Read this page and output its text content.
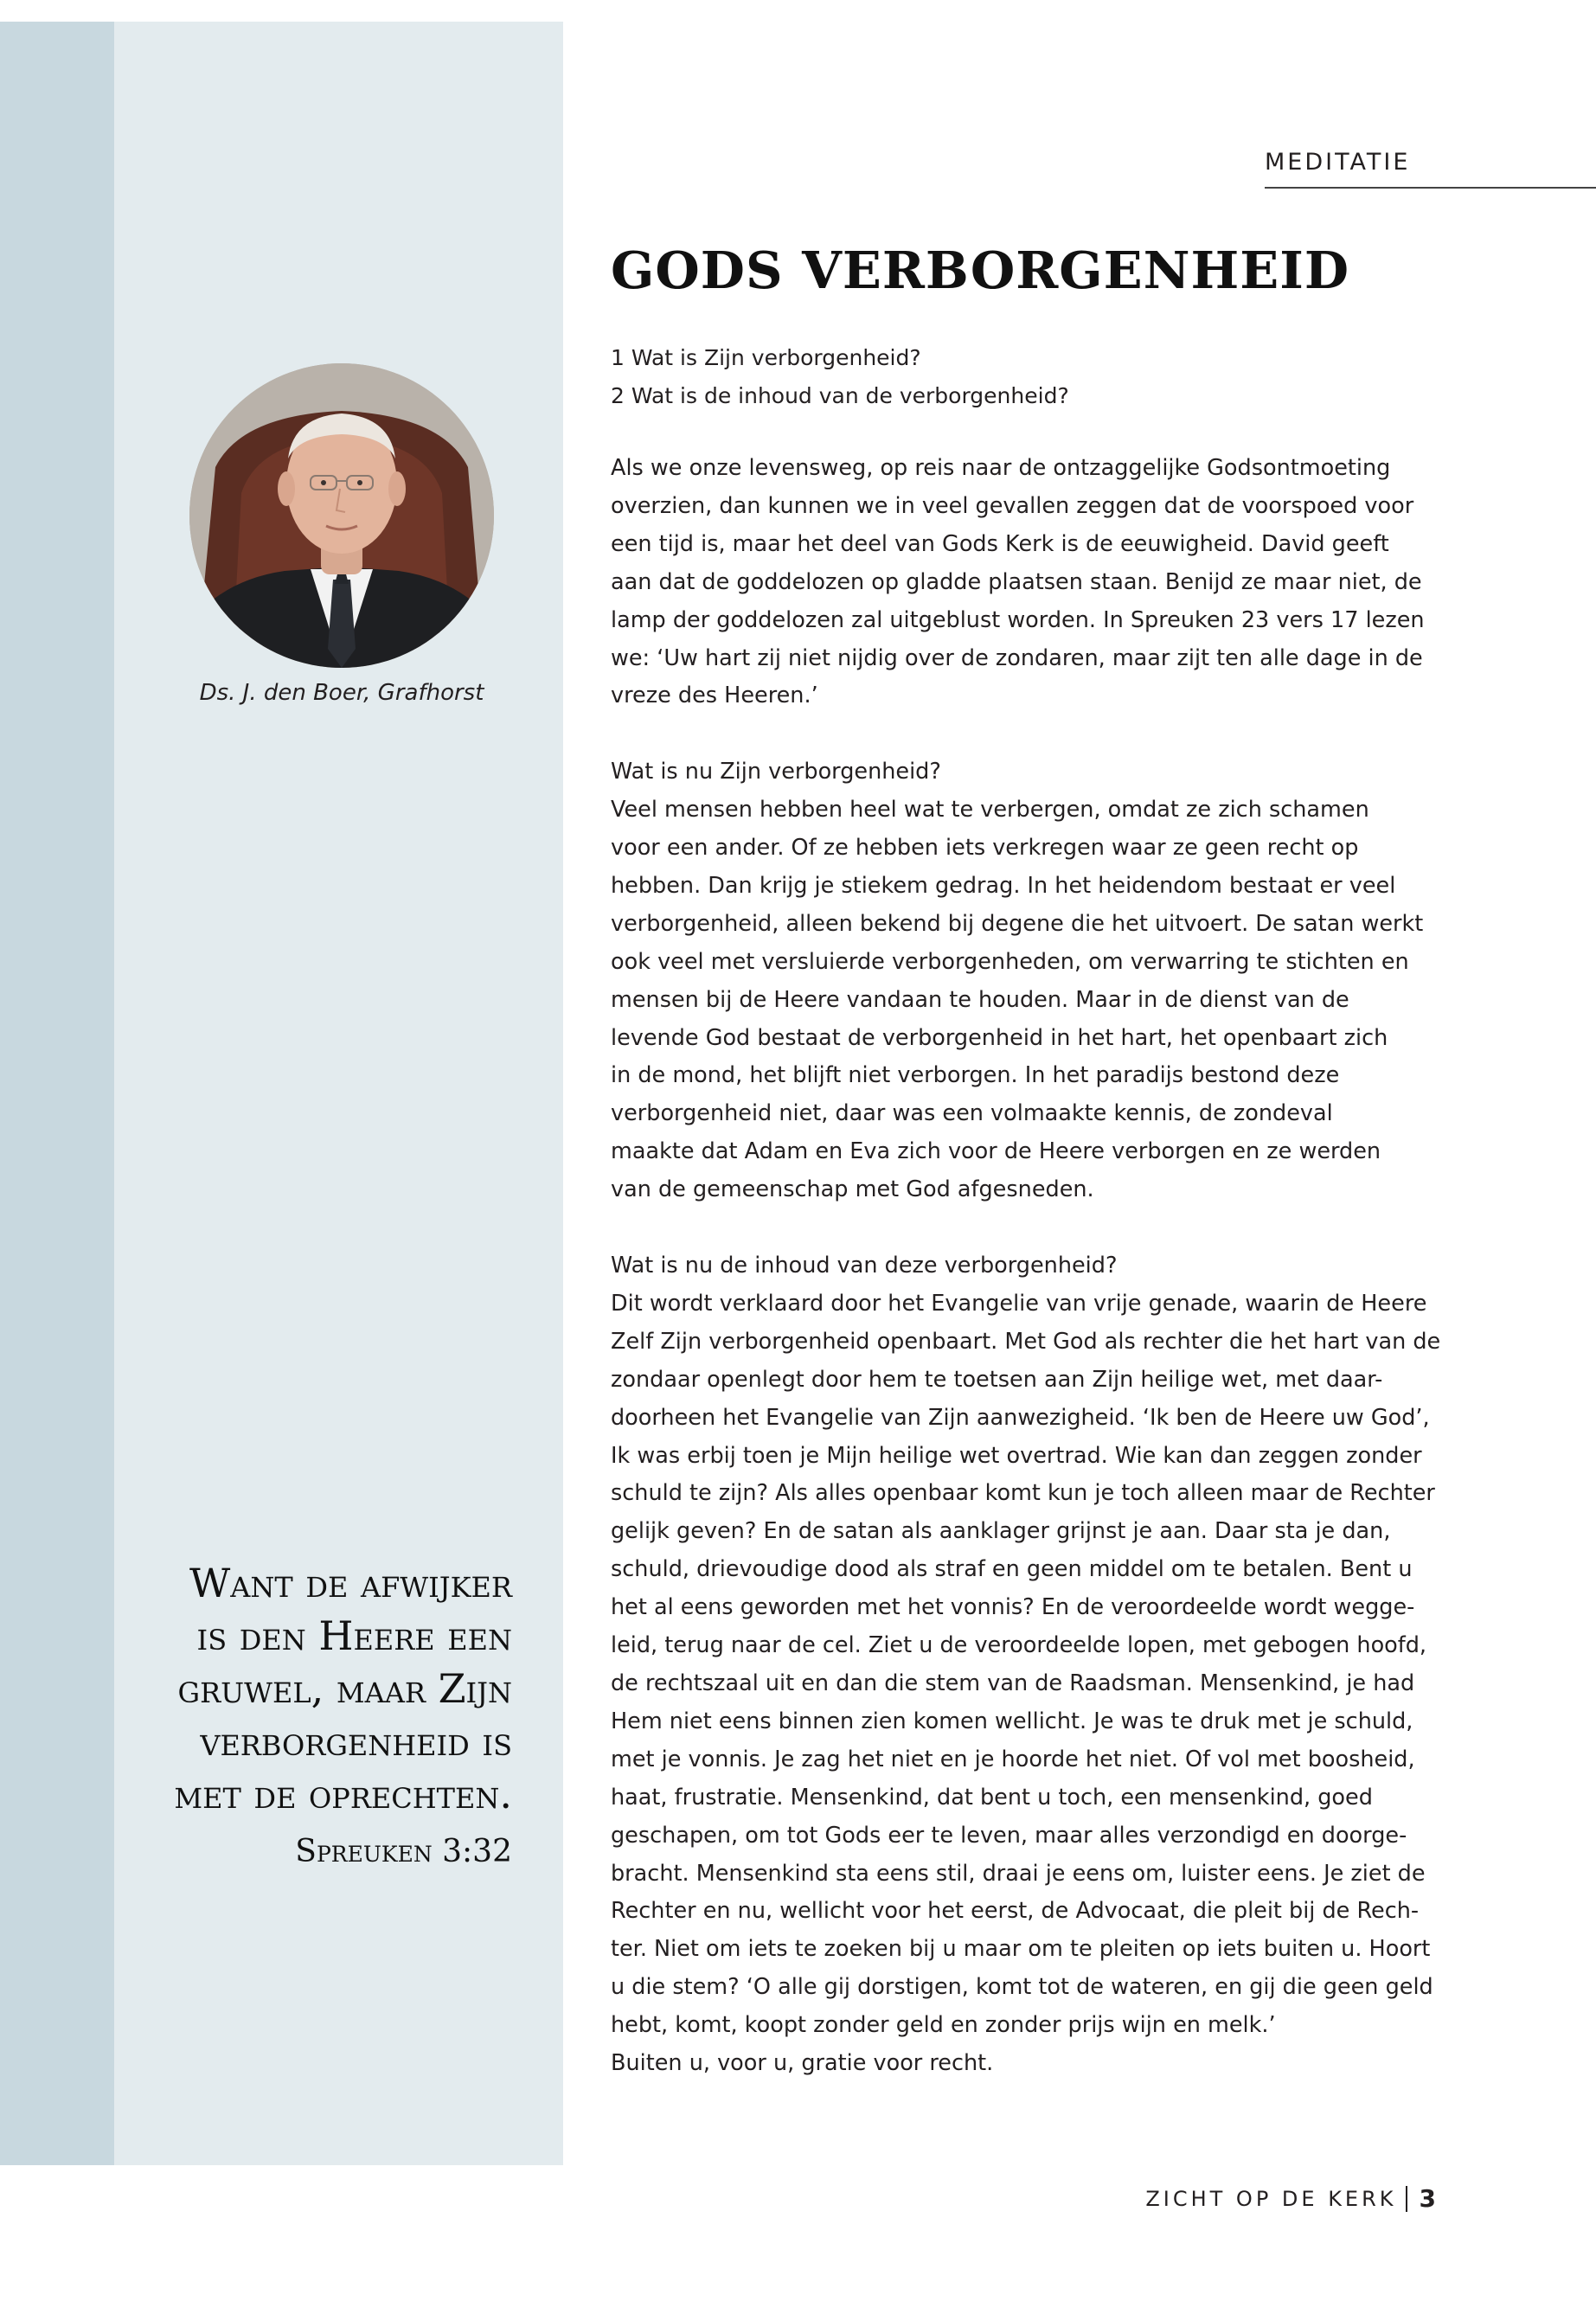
MEDITATIE
GODS VERBORGENHEID
1 Wat is Zijn verborgenheid?
2 Wat is de inhoud van de verborgenheid?
Ds. J. den Boer, Grafhorst
Als we onze levensweg, op reis naar de ontzaggelijke Godsontmoeting
overzien, dan kunnen we in veel gevallen zeggen dat de voorspoed voor
een tijd is, maar het deel van Gods Kerk is de eeuwigheid. David geeft
aan dat de goddelozen op gladde plaatsen staan. Benijd ze maar niet, de
lamp der goddelozen zal uitgeblust worden. In Spreuken 23 vers 17 lezen
we: ‘Uw hart zij niet nijdig over de zondaren, maar zijt ten alle dage in de
vreze des Heeren.’
Wat is nu Zijn verborgenheid?
Veel mensen hebben heel wat te verbergen, omdat ze zich schamen
voor een ander. Of ze hebben iets verkregen waar ze geen recht op
hebben. Dan krijg je stiekem gedrag. In het heidendom bestaat er veel
verborgenheid, alleen bekend bij degene die het uitvoert. De satan werkt
ook veel met versluierde verborgenheden, om verwarring te stichten en
mensen bij de Heere vandaan te houden. Maar in de dienst van de
levende God bestaat de verborgenheid in het hart, het openbaart zich
in de mond, het blijft niet verborgen. In het paradijs bestond deze
verborgenheid niet, daar was een volmaakte kennis, de zondeval
maakte dat Adam en Eva zich voor de Heere verborgen en ze werden
van de gemeenschap met God afgesneden.
Wat is nu de inhoud van deze verborgenheid?
Dit wordt verklaard door het Evangelie van vrije genade, waarin de Heere
Zelf Zijn verborgenheid openbaart. Met God als rechter die het hart van de
zondaar openlegt door hem te toetsen aan Zijn heilige wet, met daar-
doorheen het Evangelie van Zijn aanwezigheid. ‘Ik ben de Heere uw God’,
Ik was erbij toen je Mijn heilige wet overtrad. Wie kan dan zeggen zonder
schuld te zijn? Als alles openbaar komt kun je toch alleen maar de Rechter
gelijk geven? En de satan als aanklager grijnst je aan. Daar sta je dan,
schuld, drievoudige dood als straf en geen middel om te betalen. Bent u
het al eens geworden met het vonnis? En de veroordeelde wordt wegge-
leid, terug naar de cel. Ziet u de veroordeelde lopen, met gebogen hoofd,
de rechtszaal uit en dan die stem van de Raadsman. Mensenkind, je had
Hem niet eens binnen zien komen wellicht. Je was te druk met je schuld,
met je vonnis. Je zag het niet en je hoorde het niet. Of vol met boosheid,
haat, frustratie. Mensenkind, dat bent u toch, een mensenkind, goed
geschapen, om tot Gods eer te leven, maar alles verzondigd en doorge-
bracht. Mensenkind sta eens stil, draai je eens om, luister eens. Je ziet de
Rechter en nu, wellicht voor het eerst, de Advocaat, die pleit bij de Rech-
ter. Niet om iets te zoeken bij u maar om te pleiten op iets buiten u. Hoort
u die stem? ‘O alle gij dorstigen, komt tot de wateren, en gij die geen geld
hebt, komt, koopt zonder geld en zonder prijs wijn en melk.’
Buiten u, voor u, gratie voor recht.
Want de afwijker
is den Heere een
gruwel, maar Zijn
verborgenheid is
met de oprechten.
Spreuken 3:32
ZICHT OP DE KERK 3
